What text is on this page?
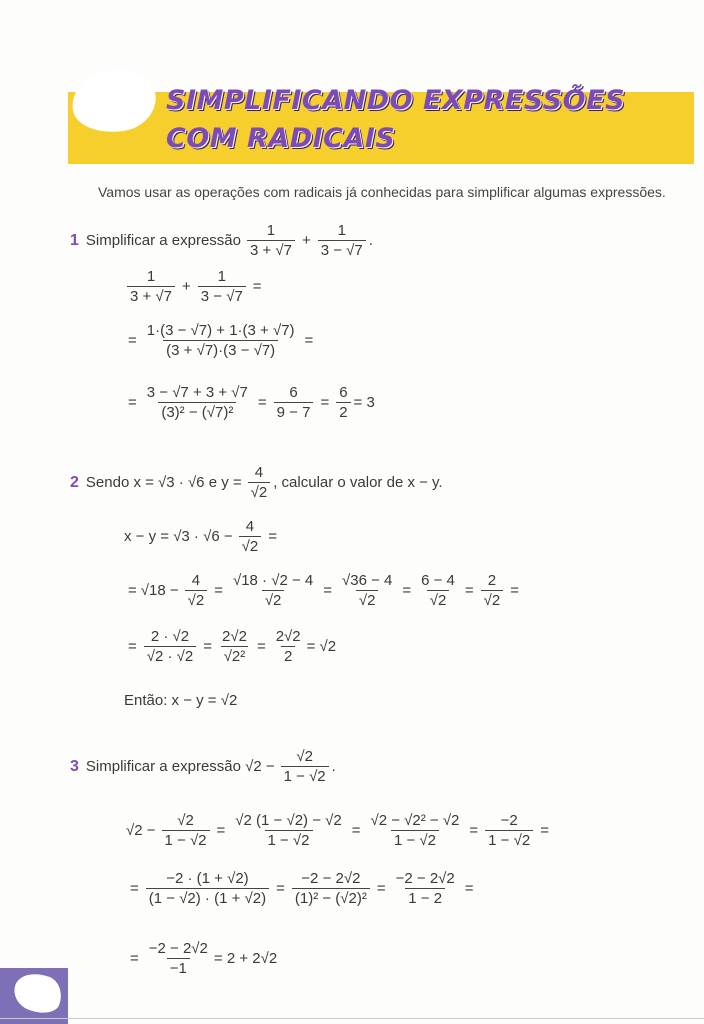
SIMPLIFICANDO EXPRESSÕES
COM RADICAIS
Vamos usar as operações com radicais já conhecidas para simplificar algumas expressões.
1 Simplificar a expressão $\frac{1}{3 + √7} + \frac{1}{3 - √7}$ .
$\frac{1}{3 + √7} + \frac{1}{3 - √7}$ =
= $\frac{1\cdot(3 - √7) + 1\cdot(3 + √7)}{(3 + √7)\cdot(3 - √7)}$ =
= $\frac{3 - √7 + 3 + √7}{\text{(3)² − (√7)²}} = \frac{6}{9 - 7} = \frac{6}{2} = 3$
2 Sendo x = √3 · √6 e $y = \frac{4}{√2}$ , calcular o valor de x − y.
$x - y = √3 \cdot √6 - \frac{4}{√2}$ =
= $√18 - \frac{4}{√2} = \frac{√18 \cdot √2 - 4}{√2} = \frac{√36 - 4}{√2} = \frac{6 - 4}{√2} = \frac{2}{√2}$ =
= $\frac{2 \cdot √2}{√2 \cdot √2} = \frac{2√2}{\text{√2²}} = \frac{2√2}{2} = √2$
Então: x − y = √2
3 Simplificar a expressão $√2 - \frac{√2}{1 - √2}$ .
$√2 - \frac{√2}{1 - √2} = \frac{√2 (1 - √2) - √2}{1 - √2} = \frac{\text{√2 − √2² − √2}}{1 - √2} = \frac{-2}{1 - √2}$ =
= $\frac{-2 \cdot (1 + √2)}{(1 - √2) \cdot (1 + √2)} = \frac{-2 - 2√2}{\text{(1)² − (√2)²}} = \frac{-2 - 2√2}{1 - 2}$ =
= $\frac{-2 - 2√2}{-1} = 2 + 2√2$
